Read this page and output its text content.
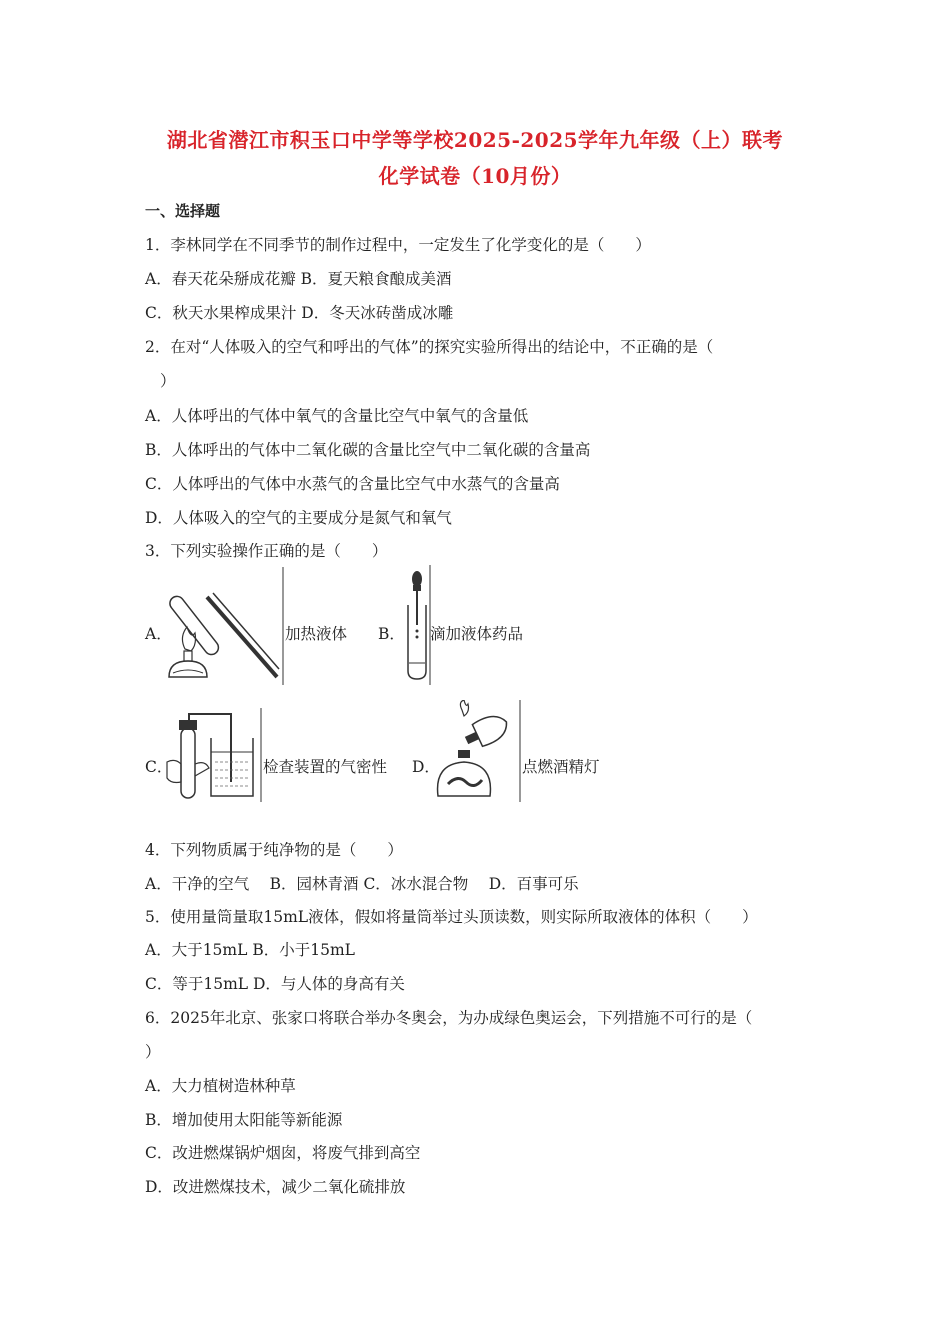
湖北省潜江市积玉口中学等学校2025-2025学年九年级（上）联考
化学试卷（10月份）
一、选择题
1．李林同学在不同季节的制作过程中，一定发生了化学变化的是（　　）
A．春天花朵掰成花瓣 B．夏天粮食酿成美酒
C．秋天水果榨成果汁 D．冬天冰砖凿成冰雕
2．在对“人体吸入的空气和呼出的气体”的探究实验所得出的结论中，不正确的是（
）
A．人体呼出的气体中氧气的含量比空气中氧气的含量低
B．人体呼出的气体中二氧化碳的含量比空气中二氧化碳的含量高
C．人体呼出的气体中水蒸气的含量比空气中水蒸气的含量高
D．人体吸入的空气的主要成分是氮气和氧气
3．下列实验操作正确的是（　　）
A．	加热液体 B． 滴加液体药品
C．	检查装置的气密性 D．	点燃酒精灯
4．下列物质属于纯净物的是（　　）
A．干净的空气　 B．园林青酒 C．冰水混合物　 D．百事可乐
5．使用量筒量取15mL液体，假如将量筒举过头顶读数，则实际所取液体的体积（　　）
A．大于15mL B．小于15mL
C．等于15mL D．与人体的身高有关
6．2025年北京、张家口将联合举办冬奥会，为办成绿色奥运会，下列措施不可行的是（
）
A．大力植树造林种草
B．增加使用太阳能等新能源
C．改进燃煤锅炉烟囱，将废气排到高空
D．改进燃煤技术，减少二氧化硫排放
